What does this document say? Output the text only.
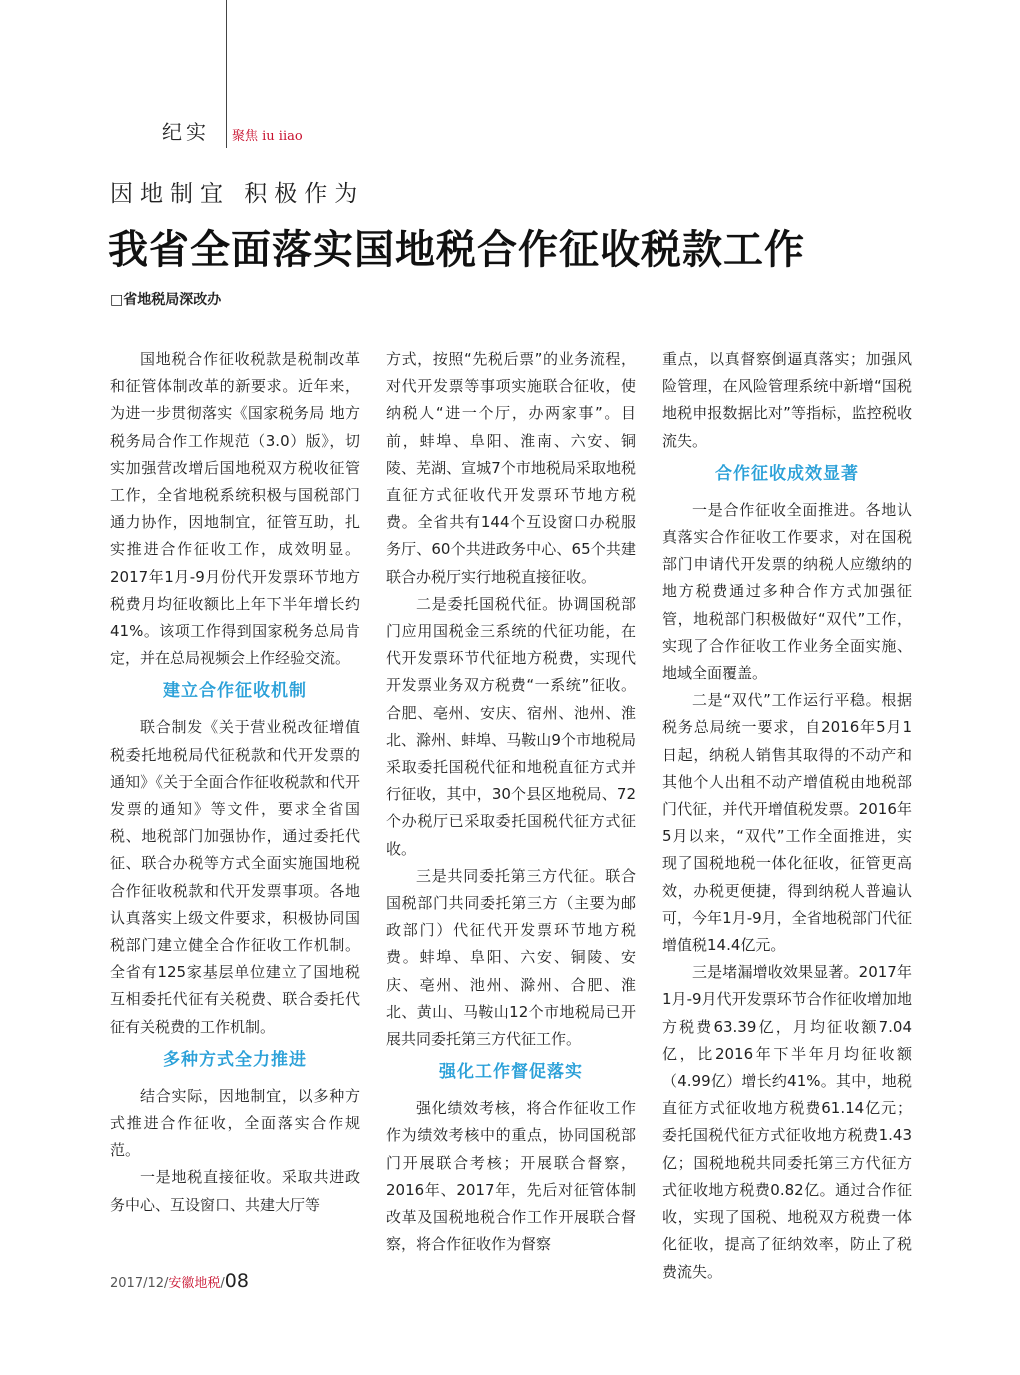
纪实 聚焦 iu iiao
因地制宜 积极作为
我省全面落实国地税合作征收税款工作
□省地税局深改办

国地税合作征收税款是税制改革和征管体制改革的新要求。近年来，为进一步贯彻落实《国家税务局 地方税务局合作工作规范（3.0）版》，切实加强营改增后国地税双方税收征管工作，全省地税系统积极与国税部门通力协作，因地制宜，征管互助，扎实推进合作征收工作，成效明显。2017年1月-9月份代开发票环节地方税费月均征收额比上年下半年增长约41%。该项工作得到国家税务总局肯定，并在总局视频会上作经验交流。

建立合作征收机制

联合制发《关于营业税改征增值税委托地税局代征税款和代开发票的通知》《关于全面合作征收税款和代开发票的通知》等文件，要求全省国税、地税部门加强协作，通过委托代征、联合办税等方式全面实施国地税合作征收税款和代开发票事项。各地认真落实上级文件要求，积极协同国税部门建立健全合作征收工作机制。全省有125家基层单位建立了国地税互相委托代征有关税费、联合委托代征有关税费的工作机制。

多种方式全力推进

结合实际，因地制宜，以多种方式推进合作征收，全面落实合作规范。

一是地税直接征收。采取共进政务中心、互设窗口、共建大厅等

方式，按照“先税后票”的业务流程，对代开发票等事项实施联合征收，使纳税人“进一个厅，办两家事”。目前，蚌埠、阜阳、淮南、六安、铜陵、芜湖、宣城7个市地税局采取地税直征方式征收代开发票环节地方税费。全省共有144个互设窗口办税服务厅、60个共进政务中心、65个共建联合办税厅实行地税直接征收。

二是委托国税代征。协调国税部门应用国税金三系统的代征功能，在代开发票环节代征地方税费，实现代开发票业务双方税费“一系统”征收。合肥、亳州、安庆、宿州、池州、淮北、滁州、蚌埠、马鞍山9个市地税局采取委托国税代征和地税直征方式并行征收，其中，30个县区地税局、72个办税厅已采取委托国税代征方式征收。

三是共同委托第三方代征。联合国税部门共同委托第三方（主要为邮政部门）代征代开发票环节地方税费。蚌埠、阜阳、六安、铜陵、安庆、亳州、池州、滁州、合肥、淮北、黄山、马鞍山12个市地税局已开展共同委托第三方代征工作。

强化工作督促落实

强化绩效考核，将合作征收工作作为绩效考核中的重点，协同国税部门开展联合考核；开展联合督察，2016年、2017年，先后对征管体制改革及国税地税合作工作开展联合督察，将合作征收作为督察

重点，以真督察倒逼真落实；加强风险管理，在风险管理系统中新增“国税地税申报数据比对”等指标，监控税收流失。

合作征收成效显著

一是合作征收全面推进。各地认真落实合作征收工作要求，对在国税部门申请代开发票的纳税人应缴纳的地方税费通过多种合作方式加强征管，地税部门积极做好“双代”工作，实现了合作征收工作业务全面实施、地域全面覆盖。

二是“双代”工作运行平稳。根据税务总局统一要求，自2016年5月1日起，纳税人销售其取得的不动产和其他个人出租不动产增值税由地税部门代征，并代开增值税发票。2016年5月以来，“双代”工作全面推进，实现了国税地税一体化征收，征管更高效，办税更便捷，得到纳税人普遍认可，今年1月-9月，全省地税部门代征增值税14.4亿元。

三是堵漏增收效果显著。2017年1月-9月代开发票环节合作征收增加地方税费63.39亿，月均征收额7.04亿，比2016年下半年月均征收额（4.99亿）增长约41%。其中，地税直征方式征收地方税费61.14亿元；委托国税代征方式征收地方税费1.43亿；国税地税共同委托第三方代征方式征收地方税费0.82亿。通过合作征收，实现了国税、地税双方税费一体化征收，提高了征纳效率，防止了税费流失。

2017/12/安徽地税/08
